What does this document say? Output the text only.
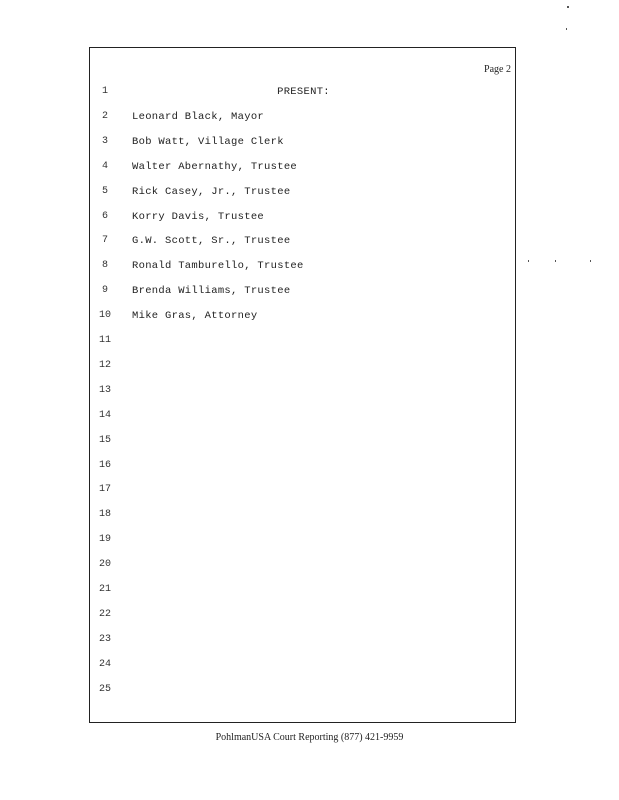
Page 2
1	PRESENT:
2	Leonard Black, Mayor
3	Bob Watt, Village Clerk
4	Walter Abernathy, Trustee
5	Rick Casey, Jr., Trustee
6	Korry Davis, Trustee
7	G.W. Scott, Sr., Trustee
8	Ronald Tamburello, Trustee
9	Brenda Williams, Trustee
10 Mike Gras, Attorney
11
12
13
14
15
16
17
18
19
20
21
22
23
24
25
PohlmanUSA Court Reporting (877) 421-9959
